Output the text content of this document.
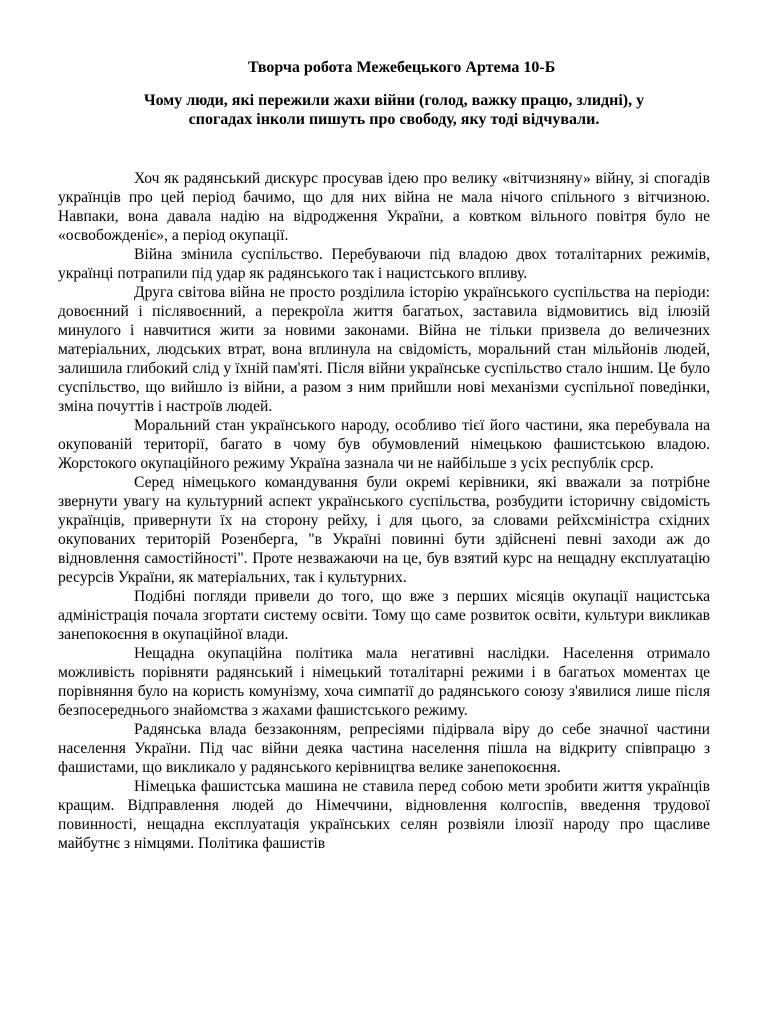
Творча робота Межебецького Артема 10-Б
Чому люди, які пережили жахи війни (голод, важку працю, злидні), у
спогадах інколи пишуть про свободу, яку тоді відчували.

Хоч як радянський дискурс просував ідею про велику «вітчизняну» війну, зі спогадів українців про цей період бачимо, що для них війна не мала нічого спільного з вітчизною. Навпаки, вона давала надію на відродження України, а ковтком вільного повітря було не «освобожденіє», а період окупації.

Війна змінила суспільство. Перебуваючи під владою двох тоталітарних режимів, українці потрапили під удар як радянського так і нацистського впливу.

Друга світова війна не просто розділила історію українського суспільства на періоди: довоєнний і післявоєнний, а перекроїла життя багатьох, заставила відмовитись від ілюзій минулого і навчитися жити за новими законами. Війна не тільки призвела до величезних матеріальних, людських втрат, вона вплинула на свідомість, моральний стан мільйонів людей, залишила глибокий слід у їхній пам'яті. Після війни українське суспільство стало іншим. Це було суспільство, що вийшло із війни, а разом з ним прийшли нові механізми суспільної поведінки, зміна почуттів і настроїв людей.

Моральний стан українського народу, особливо тієї його частини, яка перебувала на окупованій території, багато в чому був обумовлений німецькою фашистською владою. Жорстокого окупаційного режиму Україна зазнала чи не найбільше з усіх республік срср.

Серед німецького командування були окремі керівники, які вважали за потрібне звернути увагу на культурний аспект українського суспільства, розбудити історичну свідомість українців, привернути їх на сторону рейху, і для цього, за словами рейхсміністра східних окупованих територій Розенберга, "в Україні повинні бути здійснені певні заходи аж до відновлення самостійності". Проте незважаючи на це, був взятий курс на нещадну експлуатацію ресурсів України, як матеріальних, так і культурних.

Подібні погляди привели до того, що вже з перших місяців окупації нацистська адміністрація почала згортати систему освіти. Тому що саме розвиток освіти, культури викликав занепокоєння в окупаційної влади.

Нещадна окупаційна політика мала негативні наслідки. Населення отримало можливість порівняти радянський і німецький тоталітарні режими і в багатьох моментах це порівняння було на користь комунізму, хоча симпатії до радянського союзу з'явилися лише після безпосереднього знайомства з жахами фашистського режиму.

Радянська влада беззаконням, репресіями підірвала віру до себе значної частини населення України. Під час війни деяка частина населення пішла на відкриту співпрацю з фашистами, що викликало у радянського керівництва велике занепокоєння.

Німецька фашистська машина не ставила перед собою мети зробити життя українців кращим. Відправлення людей до Німеччини, відновлення колгоспів, введення трудової повинності, нещадна експлуатація українських селян розвіяли ілюзії народу про щасливе майбутнє з німцями. Політика фашистів
